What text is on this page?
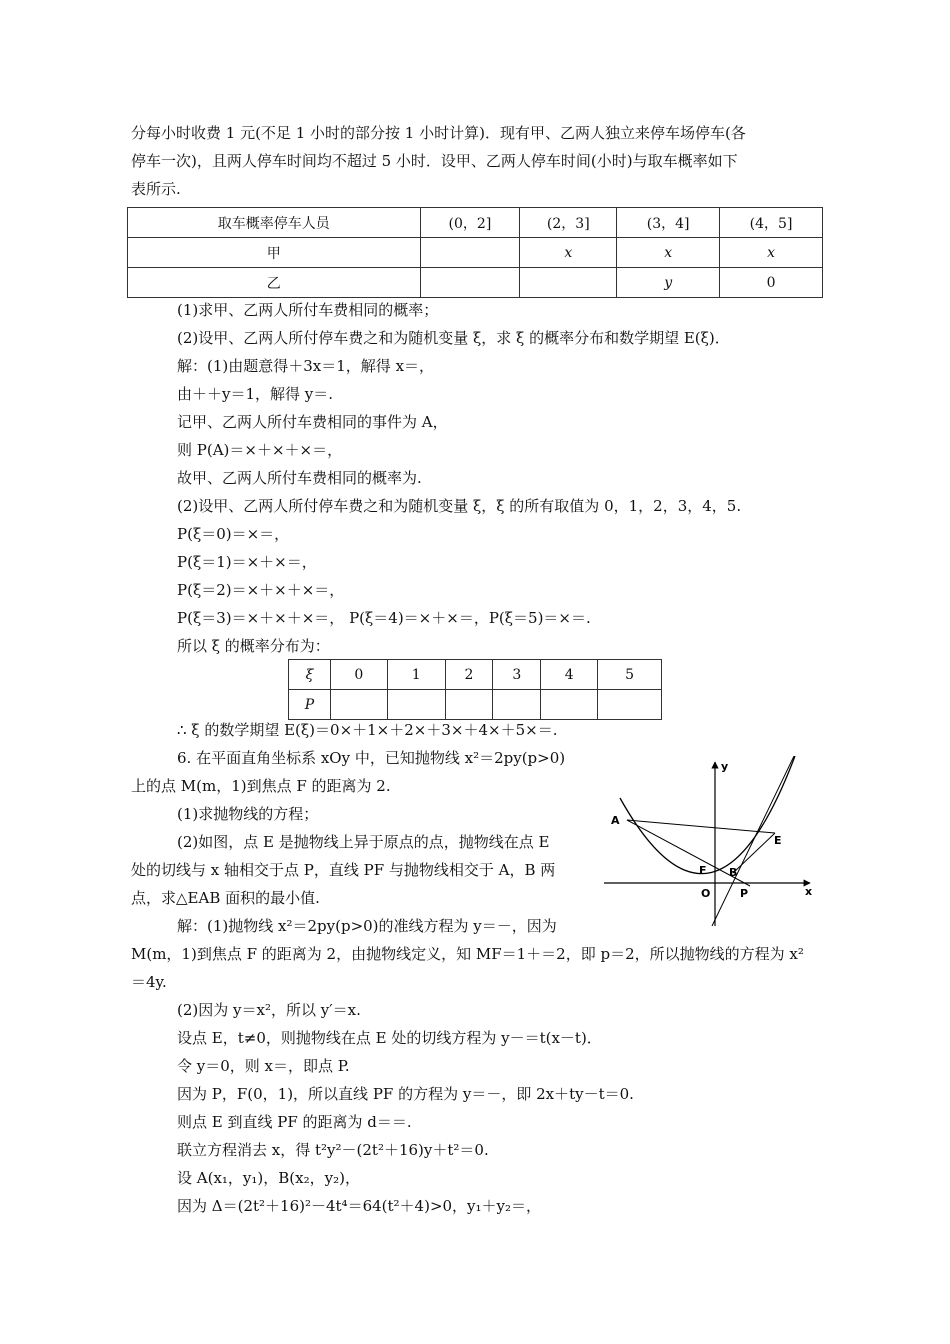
分每小时收费 1 元(不足 1 小时的部分按 1 小时计算)．现有甲、乙两人独立来停车场停车(各
停车一次)，且两人停车时间均不超过 5 小时．设甲、乙两人停车时间(小时)与取车概率如下
表所示.
取车概率停车人员	(0，2]	(2，3]	(3，4]	(4，5]
甲		x	x	x
乙			y	0
(1)求甲、乙两人所付车费相同的概率；
(2)设甲、乙两人所付停车费之和为随机变量 ξ，求 ξ 的概率分布和数学期望 E(ξ)．
解：(1)由题意得＋3x＝1，解得 x＝，
由＋＋y＝1，解得 y＝.
记甲、乙两人所付车费相同的事件为 A，
则 P(A)＝×＋×＋×＝，
故甲、乙两人所付车费相同的概率为.
(2)设甲、乙两人所付停车费之和为随机变量 ξ，ξ 的所有取值为 0，1，2，3，4，5.
P(ξ＝0)＝×＝，
P(ξ＝1)＝×＋×＝，
P(ξ＝2)＝×＋×＋×＝，
P(ξ＝3)＝×＋×＋×＝， P(ξ＝4)＝×＋×＝，P(ξ＝5)＝×＝.
所以 ξ 的概率分布为：
ξ	0	1	2	3	4	5
P						
∴ ξ 的数学期望 E(ξ)＝0×＋1×＋2×＋3×＋4×＋5×＝.
6. 在平面直角坐标系 xOy 中，已知抛物线 x²＝2py(p>0)
上的点 M(m，1)到焦点 F 的距离为 2.
(1)求抛物线的方程；
(2)如图，点 E 是抛物线上异于原点的点，抛物线在点 E
处的切线与 x 轴相交于点 P，直线 PF 与抛物线相交于 A，B 两
点，求△EAB 面积的最小值.
解：(1)抛物线 x²＝2py(p>0)的准线方程为 y＝－，因为
M(m，1)到焦点 F 的距离为 2，由抛物线定义，知 MF＝1＋＝2，即 p＝2，所以抛物线的方程为 x²
＝4y.
(2)因为 y＝x²，所以 y′＝x.
设点 E，t≠0，则抛物线在点 E 处的切线方程为 y－＝t(x－t)．
令 y＝0，则 x＝，即点 P.
因为 P，F(0，1)，所以直线 PF 的方程为 y＝－，即 2x＋ty－t＝0.
则点 E 到直线 PF 的距离为 d＝＝.
联立方程消去 x，得 t²y²－(2t²＋16)y＋t²＝0.
设 A(x₁，y₁)，B(x₂，y₂)，
因为 Δ＝(2t²＋16)²－4t⁴＝64(t²＋4)>0，y₁＋y₂＝，
y
x
A
E
F B
O	P
